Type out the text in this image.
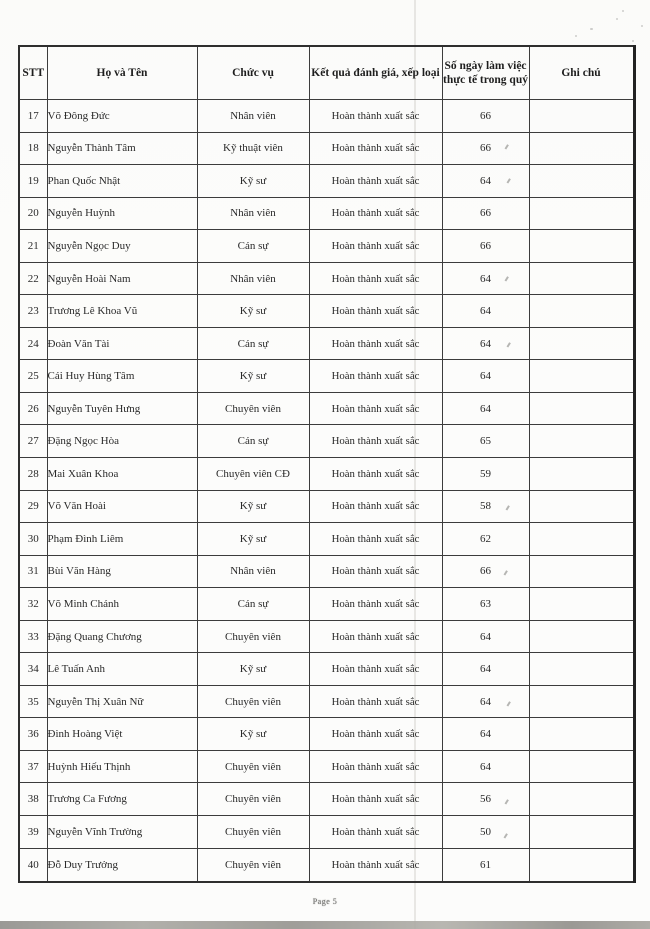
STT	Họ và Tên	Chức vụ	Kết quả đánh giá, xếp loại	Số ngày làm việc thực tế trong quý	Ghi chú
17	Võ Đông Đức	Nhân viên	Hoàn thành xuất sắc	66	
18	Nguyễn Thành Tâm	Kỹ thuật viên	Hoàn thành xuất sắc	66	
19	Phan Quốc Nhật	Kỹ sư	Hoàn thành xuất sắc	64	
20	Nguyễn Huỳnh	Nhân viên	Hoàn thành xuất sắc	66	
21	Nguyễn Ngọc Duy	Cán sự	Hoàn thành xuất sắc	66	
22	Nguyễn Hoài Nam	Nhân viên	Hoàn thành xuất sắc	64	
23	Trương Lê Khoa Vũ	Kỹ sư	Hoàn thành xuất sắc	64	
24	Đoàn Văn Tài	Cán sự	Hoàn thành xuất sắc	64	
25	Cái Huy Hùng Tâm	Kỹ sư	Hoàn thành xuất sắc	64	
26	Nguyễn Tuyên Hưng	Chuyên viên	Hoàn thành xuất sắc	64	
27	Đặng Ngọc Hòa	Cán sự	Hoàn thành xuất sắc	65	
28	Mai Xuân Khoa	Chuyên viên CĐ	Hoàn thành xuất sắc	59	
29	Võ Văn Hoài	Kỹ sư	Hoàn thành xuất sắc	58	
30	Phạm Đình Liêm	Kỹ sư	Hoàn thành xuất sắc	62	
31	Bùi Văn Hàng	Nhân viên	Hoàn thành xuất sắc	66	
32	Võ Minh Chánh	Cán sự	Hoàn thành xuất sắc	63	
33	Đặng Quang Chương	Chuyên viên	Hoàn thành xuất sắc	64	
34	Lê Tuấn Anh	Kỹ sư	Hoàn thành xuất sắc	64	
35	Nguyễn Thị Xuân Nữ	Chuyên viên	Hoàn thành xuất sắc	64	
36	Đinh Hoàng Việt	Kỹ sư	Hoàn thành xuất sắc	64	
37	Huỳnh Hiếu Thịnh	Chuyên viên	Hoàn thành xuất sắc	64	
38	Trương Ca Fương	Chuyên viên	Hoàn thành xuất sắc	56	
39	Nguyễn Vĩnh Trường	Chuyên viên	Hoàn thành xuất sắc	50	
40	Đỗ Duy Trưởng	Chuyên viên	Hoàn thành xuất sắc	61	
Page 5
